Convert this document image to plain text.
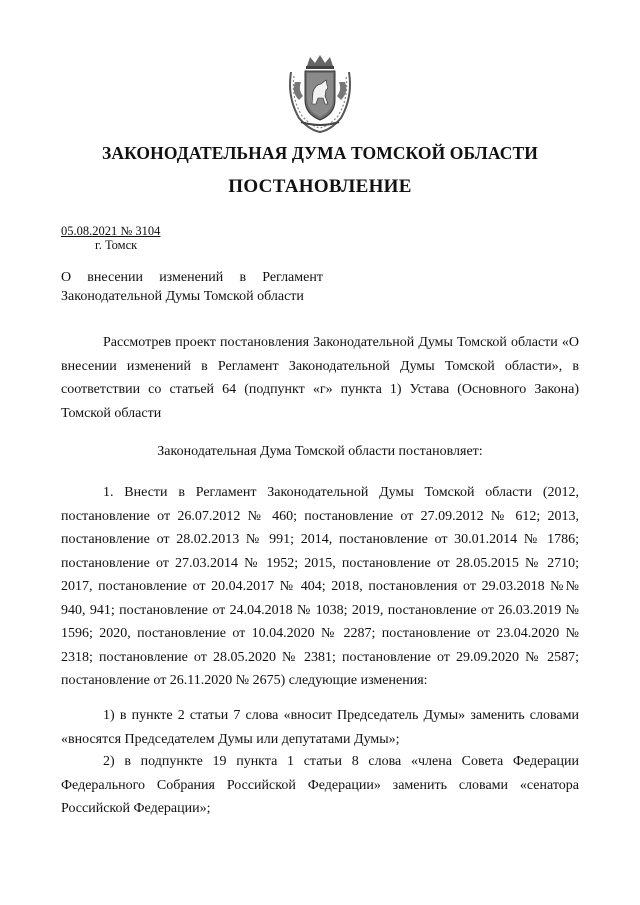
ЗАКОНОДАТЕЛЬНАЯ ДУМА ТОМСКОЙ ОБЛАСТИ
ПОСТАНОВЛЕНИЕ
05.08.2021 № 3104
г. Томск
О внесении изменений в Регламент
Законодательной Думы Томской области

Рассмотрев проект постановления Законодательной Думы Томской области «О внесении изменений в Регламент Законодательной Думы Томской области», в соответствии со статьей 64 (подпункт «г» пункта 1) Устава (Основного Закона) Томской области

Законодательная Дума Томской области постановляет:

1. Внести в Регламент Законодательной Думы Томской области (2012, постановление от 26.07.2012 № 460; постановление от 27.09.2012 № 612; 2013, постановление от 28.02.2013 № 991; 2014, постановление от 30.01.2014 № 1786; постановление от 27.03.2014 № 1952; 2015, постановление от 28.05.2015 № 2710; 2017, постановление от 20.04.2017 № 404; 2018, постановления от 29.03.2018 №№ 940, 941; постановление от 24.04.2018 № 1038; 2019, постановление от 26.03.2019 № 1596; 2020, постановление от 10.04.2020 № 2287; постановление от 23.04.2020 № 2318; постановление от 28.05.2020 № 2381; постановление от 29.09.2020 № 2587; постановление от 26.11.2020 № 2675) следующие изменения:

1) в пункте 2 статьи 7 слова «вносит Председатель Думы» заменить словами «вносятся Председателем Думы или депутатами Думы»;

2) в подпункте 19 пункта 1 статьи 8 слова «члена Совета Федерации Федерального Собрания Российской Федерации» заменить словами «сенатора Российской Федерации»;
